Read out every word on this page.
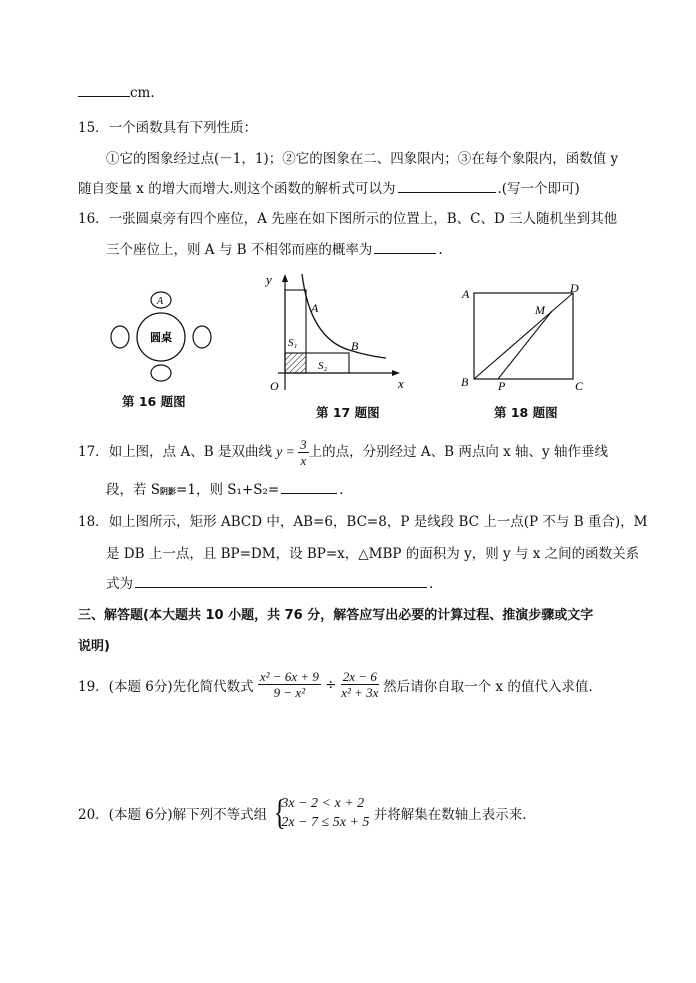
cm.
15．一个函数具有下列性质：
①它的图象经过点(－1，1)；②它的图象在二、四象限内；③在每个象限内，函数值 y
随自变量 x 的增大而增大.则这个函数的解析式可以为	.(写一个即可)
16．一张圆桌旁有四个座位，A 先座在如下图所示的位置上，B、C、D 三人随机坐到其他
三个座位上，则 A 与 B 不相邻而座的概率为	.
A
圆桌
第 16 题图
y
x
O
A
B
S₁
S₂
第 17 题图
A	D
M
B P	C
第 18 题图
17．如上图，点 A、B 是双曲线 $y = \frac{3}{x}$ 上的点，分别经过 A、B 两点向 x 轴、y 轴作垂线
段，若 S阴影=1，则 S₁+S₂=	.
18．如上图所示，矩形 ABCD 中，AB=6，BC=8，P 是线段 BC 上一点(P 不与 B 重合)，M
是 DB 上一点，且 BP=DM，设 BP=x，△MBP 的面积为 y，则 y 与 x 之间的函数关系
式为	.
三、解答题(本大题共 10 小题，共 76 分，解答应写出必要的计算过程、推演步骤或文字
说明)
19．(本题 6分)先化简代数式 $\frac{\text{x² − 6x + 9}}{\text{9 − x²}} \div \frac{2x - 6}{\text{x² + 3x}}$ 然后请你自取一个 x 的值代入求值.
20．(本题 6分)解下列不等式组 {
3x − 2 < x + 2
2x − 7 ≤ 5x + 5 并将解集在数轴上表示来.
